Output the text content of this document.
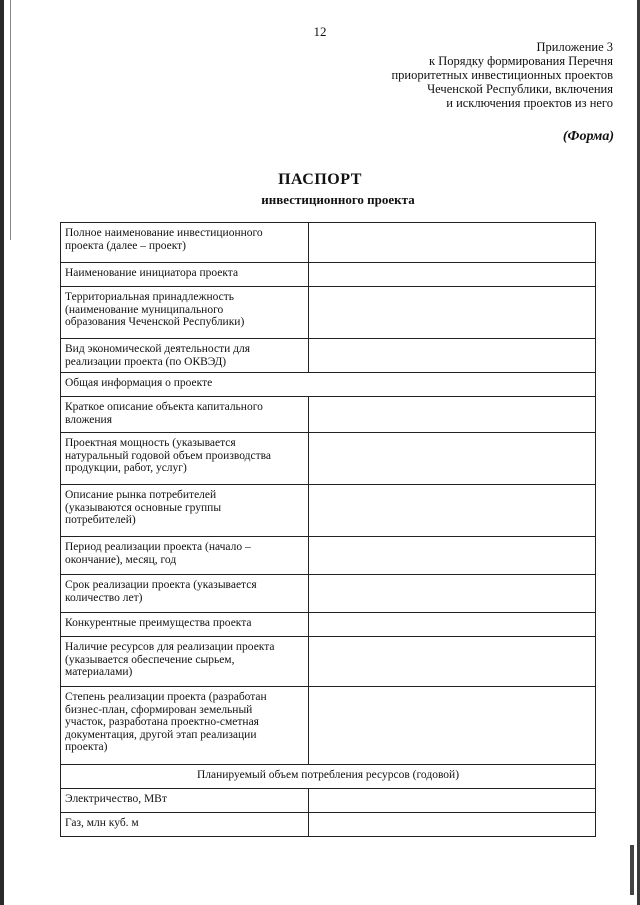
12
Приложение 3
к Порядку формирования Перечня
приоритетных инвестиционных проектов
Чеченской Республики, включения
и исключения проектов из него
(Форма)
ПАСПОРТ
инвестиционного проекта
Полное наименование инвестиционного
проекта (далее – проект)	

Наименование инициатора проекта	

Территориальная принадлежность
(наименование муниципального
образования Чеченской Республики)	

Вид экономической деятельности для
реализации проекта (по ОКВЭД)	

Общая информация о проекте	

Краткое описание объекта капитального
вложения	

Проектная мощность (указывается
натуральный годовой объем производства
продукции, работ, услуг)	

Описание рынка потребителей
(указываются основные группы
потребителей)	

Период реализации проекта (начало –
окончание), месяц, год	

Срок реализации проекта (указывается
количество лет)	

Конкурентные преимущества проекта	

Наличие ресурсов для реализации проекта
(указывается обеспечение сырьем,
материалами)	

Степень реализации проекта (разработан
бизнес-план, сформирован земельный
участок, разработана проектно-сметная
документация, другой этап реализации
проекта)	

Планируемый объем потребления ресурсов (годовой)	

Электричество, МВт	

Газ, млн куб. м	
